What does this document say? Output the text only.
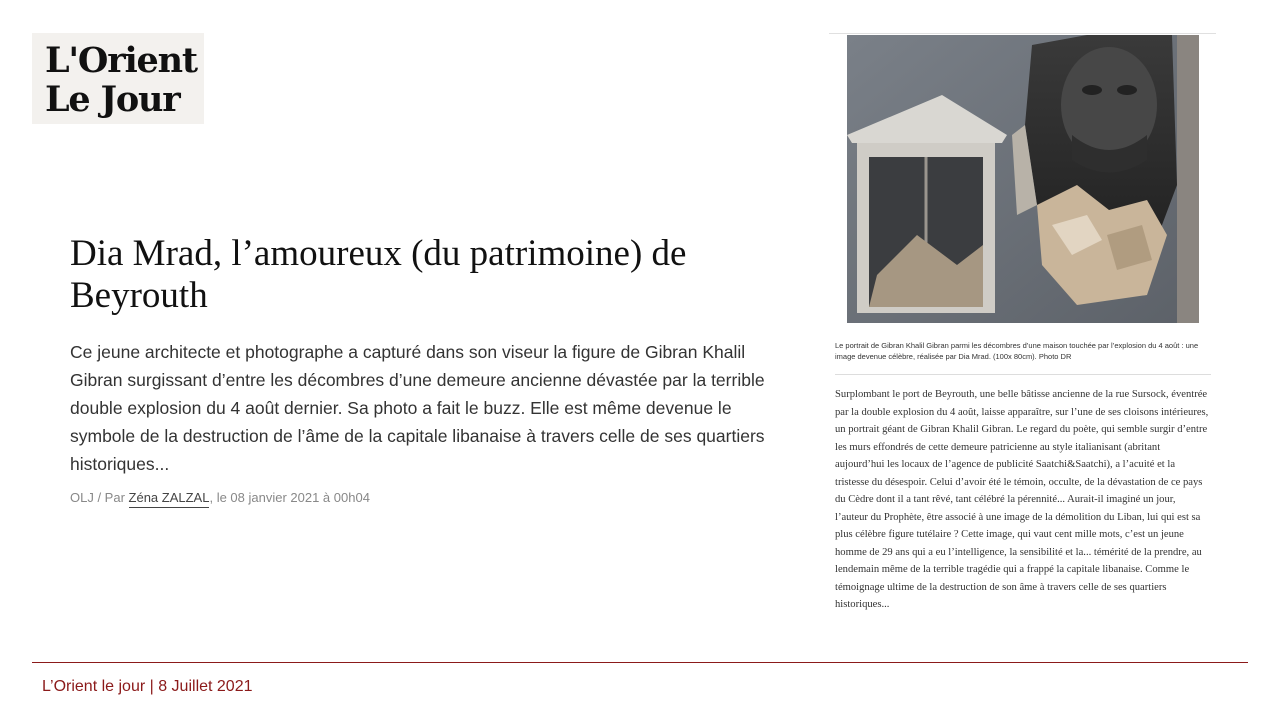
L'Orient
Le Jour
Dia Mrad, l’amoureux (du patrimoine) de Beyrouth

Ce jeune architecte et photographe a capturé dans son viseur la figure de Gibran Khalil Gibran surgissant d’entre les décombres d’une demeure ancienne dévastée par la terrible double explosion du 4 août dernier. Sa photo a fait le buzz. Elle est même devenue le symbole de la destruction de l’âme de la capitale libanaise à travers celle de ses quartiers historiques...

OLJ / Par Zéna ZALZAL, le 08 janvier 2021 à 00h04

Le portrait de Gibran Khalil Gibran parmi les décombres d’une maison touchée par l’explosion du 4 août : une image devenue célèbre, réalisée par Dia Mrad. (100x 80cm). Photo DR

Surplombant le port de Beyrouth, une belle bâtisse ancienne de la rue Sursock, éventrée par la double explosion du 4 août, laisse apparaître, sur l’une de ses cloisons intérieures, un portrait géant de Gibran Khalil Gibran. Le regard du poète, qui semble surgir d’entre les murs effondrés de cette demeure patricienne au style italianisant (abritant aujourd’hui les locaux de l’agence de publicité Saatchi&Saatchi), a l’acuité et la tristesse du désespoir. Celui d’avoir été le témoin, occulte, de la dévastation de ce pays du Cèdre dont il a tant rêvé, tant célébré la pérennité... Aurait-il imaginé un jour, l’auteur du Prophète, être associé à une image de la démolition du Liban, lui qui est sa plus célèbre figure tutélaire ? Cette image, qui vaut cent mille mots, c’est un jeune homme de 29 ans qui a eu l’intelligence, la sensibilité et la... témérité de la prendre, au lendemain même de la terrible tragédie qui a frappé la capitale libanaise. Comme le témoignage ultime de la destruction de son âme à travers celle de ses quartiers historiques...

L’Orient le jour | 8 Juillet 2021
